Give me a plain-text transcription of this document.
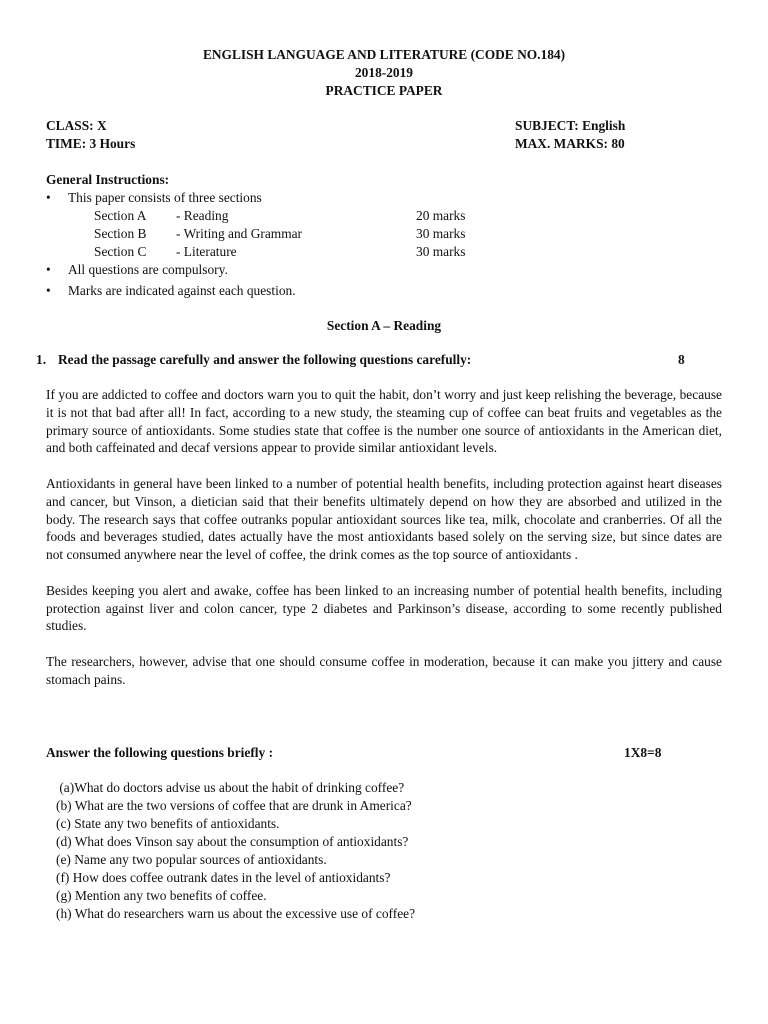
ENGLISH LANGUAGE AND LITERATURE (CODE NO.184)
2018-2019
PRACTICE PAPER
CLASS: X	SUBJECT: English
TIME: 3 Hours	MAX. MARKS: 80
General Instructions:
•	This paper consists of three sections
Section A	- Reading	20 marks
Section B	- Writing and Grammar	30 marks
Section C	- Literature	30 marks
•	All questions are compulsory.
•	Marks are indicated against each question.
Section A – Reading
1. Read the passage carefully and answer the following questions carefully:	8

If you are addicted to coffee and doctors warn you to quit the habit, don’t worry and just keep relishing the beverage, because it is not that bad after all! In fact, according to a new study, the steaming cup of coffee can beat fruits and vegetables as the primary source of antioxidants. Some studies state that coffee is the number one source of antioxidants in the American diet, and both caffeinated and decaf versions appear to provide similar antioxidant levels.

Antioxidants in general have been linked to a number of potential health benefits, including protection against heart diseases and cancer, but Vinson, a dietician said that their benefits ultimately depend on how they are absorbed and utilized in the body. The research says that coffee outranks popular antioxidant sources like tea, milk, chocolate and cranberries. Of all the foods and beverages studied, dates actually have the most antioxidants based solely on the serving size, but since dates are not consumed anywhere near the level of coffee, the drink comes as the top source of antioxidants .

Besides keeping you alert and awake, coffee has been linked to an increasing number of potential health benefits, including protection against liver and colon cancer, type 2 diabetes and Parkinson’s disease, according to some recently published studies.

The researchers, however, advise that one should consume coffee in moderation, because it can make you jittery and cause stomach pains.

Answer the following questions briefly :	1X8=8
(a)What do doctors advise us about the habit of drinking coffee?
(b) What are the two versions of coffee that are drunk in America?
(c) State any two benefits of antioxidants.
(d) What does Vinson say about the consumption of antioxidants?
(e) Name any two popular sources of antioxidants.
(f) How does coffee outrank dates in the level of antioxidants?
(g) Mention any two benefits of coffee.
(h) What do researchers warn us about the excessive use of coffee?
